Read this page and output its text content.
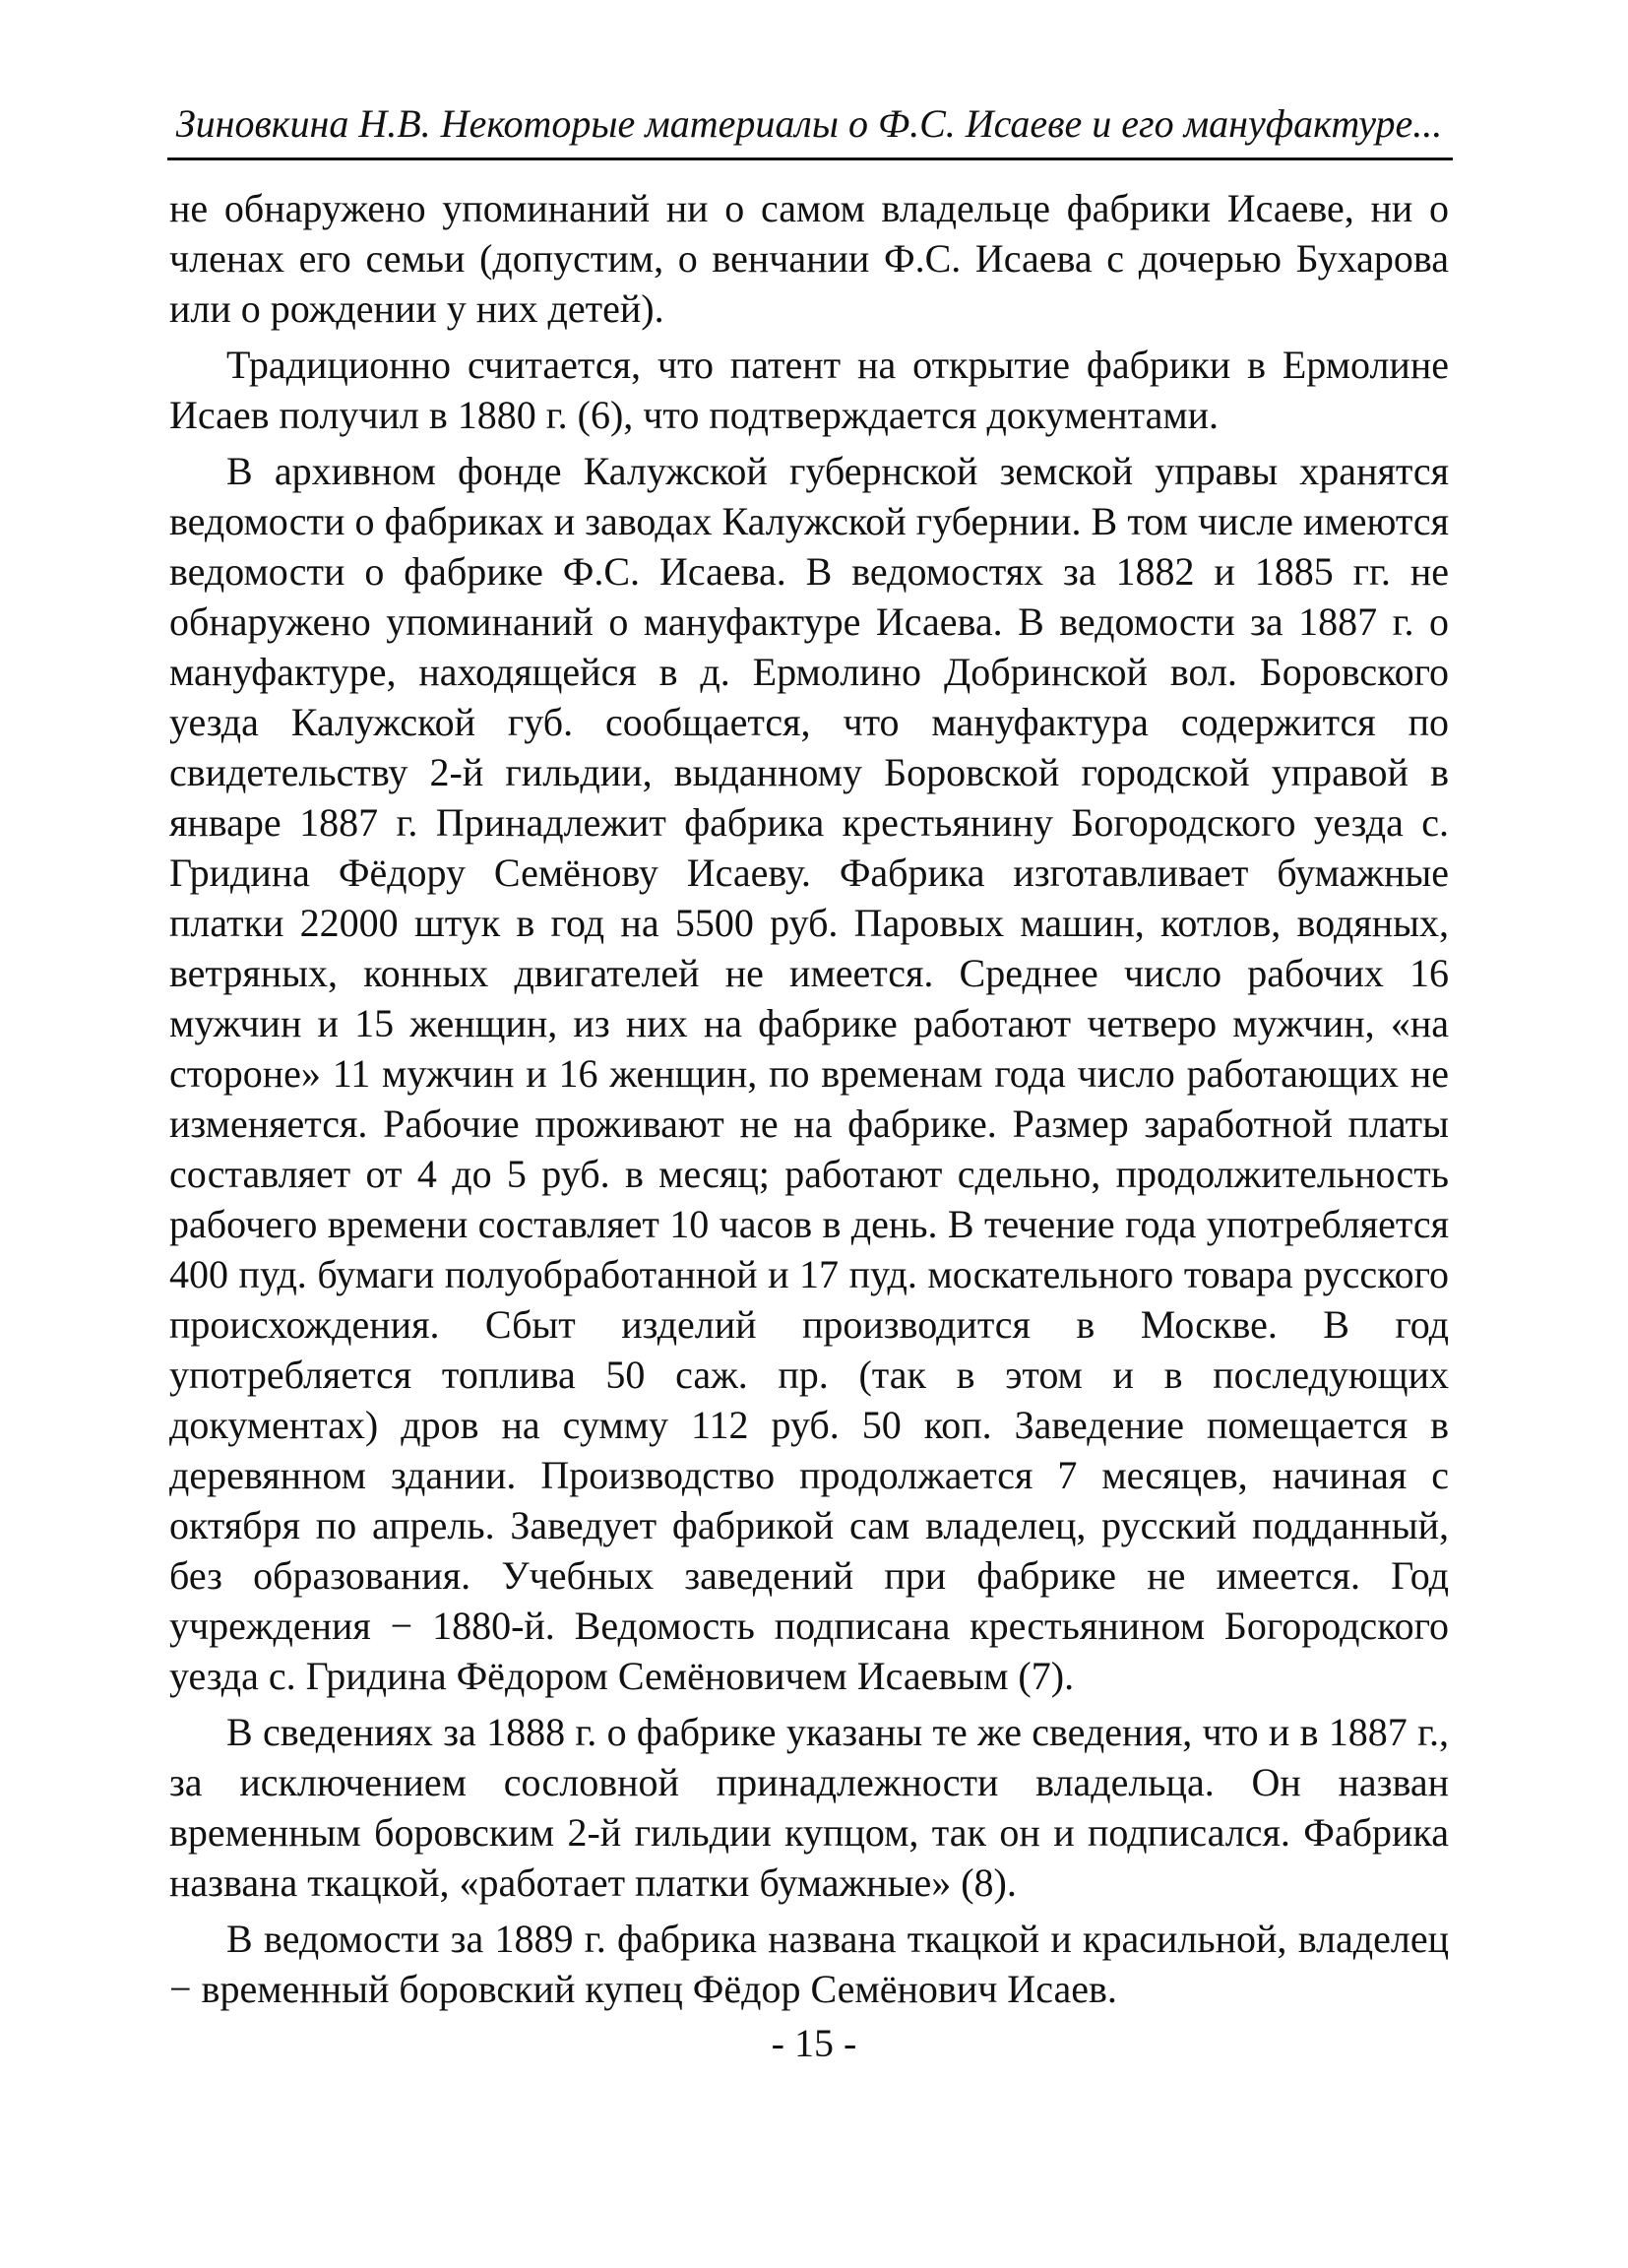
Зиновкина Н.В. Некоторые материалы о Ф.С. Исаеве и его мануфактуре...

не обнаружено упоминаний ни о самом владельце фабрики Исаеве, ни о членах его семьи (допустим, о венчании Ф.С. Исаева с дочерью Бухарова или о рождении у них детей).

Традиционно считается, что патент на открытие фабрики в Ермолине Исаев получил в 1880 г. (6), что подтверждается документами.

В архивном фонде Калужской губернской земской управы хранятся ведомости о фабриках и заводах Калужской губернии. В том числе имеются ведомости о фабрике Ф.С. Исаева. В ведомостях за 1882 и 1885 гг. не обнаружено упоминаний о мануфактуре Исаева. В ведомости за 1887 г. о мануфактуре, находящейся в д. Ермолино Добринской вол. Боровского уезда Калужской губ. сообщается, что мануфактура содержится по свидетельству 2-й гильдии, выданному Боровской городской управой в январе 1887 г. Принадлежит фабрика крестьянину Богородского уезда с. Гридина Фёдору Семёнову Исаеву. Фабрика изготавливает бумажные платки 22000 штук в год на 5500 руб. Паровых машин, котлов, водяных, ветряных, конных двигателей не имеется. Среднее число рабочих 16 мужчин и 15 женщин, из них на фабрике работают четверо мужчин, «на стороне» 11 мужчин и 16 женщин, по временам года число работающих не изменяется. Рабочие проживают не на фабрике. Размер заработной платы составляет от 4 до 5 руб. в месяц; работают сдельно, продолжительность рабочего времени составляет 10 часов в день. В течение года употребляется 400 пуд. бумаги полуобработанной и 17 пуд. москательного товара русского происхождения. Сбыт изделий производится в Москве. В год употребляется топлива 50 саж. пр. (так в этом и в последующих документах) дров на сумму 112 руб. 50 коп. Заведение помещается в деревянном здании. Производство продолжается 7 месяцев, начиная с октября по апрель. Заведует фабрикой сам владелец, русский подданный, без образования. Учебных заведений при фабрике не имеется. Год учреждения − 1880-й. Ведомость подписана крестьянином Богородского уезда с. Гридина Фёдором Семёновичем Исаевым (7).

В сведениях за 1888 г. о фабрике указаны те же сведения, что и в 1887 г., за исключением сословной принадлежности владельца. Он назван временным боровским 2-й гильдии купцом, так он и подписался. Фабрика названа ткацкой, «работает платки бумажные» (8).

В ведомости за 1889 г. фабрика названа ткацкой и красильной, владелец − временный боровский купец Фёдор Семёнович Исаев.

- 15 -
